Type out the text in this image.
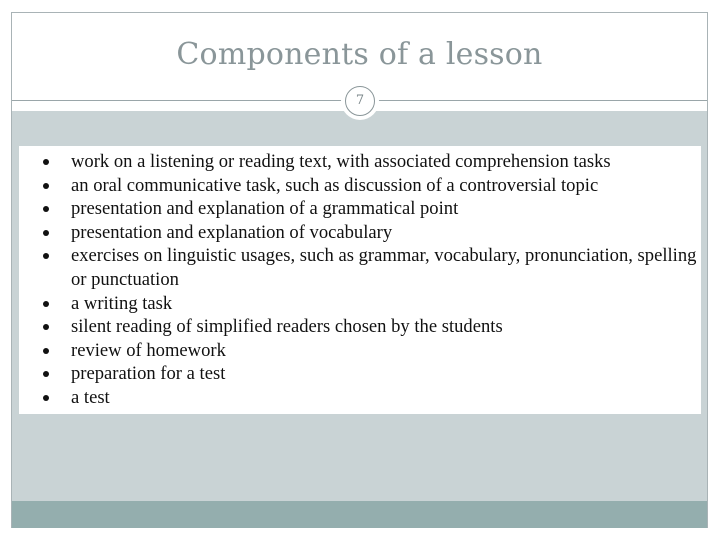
Components of a lesson
7
work on a listening or reading text, with associated comprehension tasks
an oral communicative task, such as discussion of a controversial topic
presentation and explanation of a grammatical point
presentation and explanation of vocabulary
exercises on linguistic usages, such as grammar, vocabulary, pronunciation, spelling or punctuation
a writing task
silent reading of simplified readers chosen by the students
review of homework
preparation for a test
a test
